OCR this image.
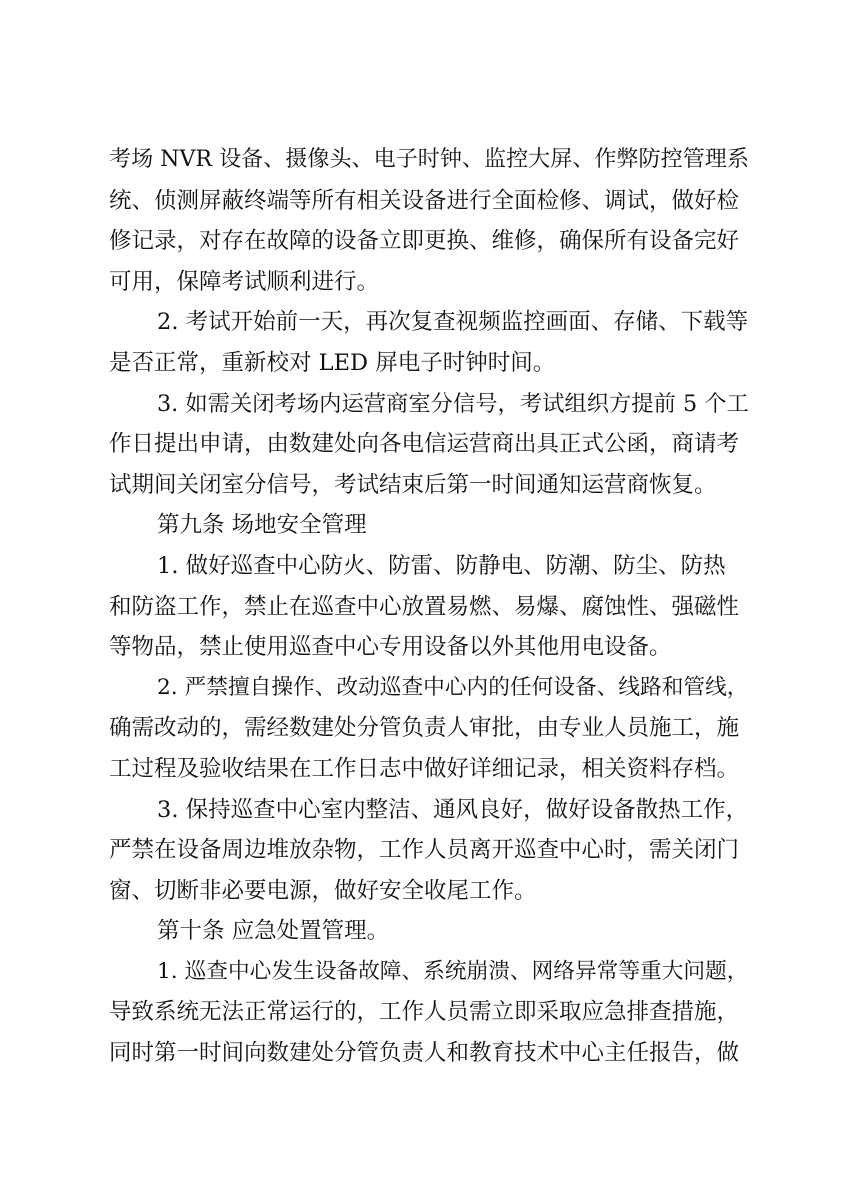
考场 NVR 设备、摄像头、电子时钟、监控大屏、作弊防控管理系
统、侦测屏蔽终端等所有相关设备进行全面检修、调试，做好检
修记录，对存在故障的设备立即更换、维修，确保所有设备完好
可用，保障考试顺利进行。
2. 考试开始前一天，再次复查视频监控画面、存储、下载等
是否正常，重新校对 LED 屏电子时钟时间。
3. 如需关闭考场内运营商室分信号，考试组织方提前 5 个工
作日提出申请，由数建处向各电信运营商出具正式公函，商请考
试期间关闭室分信号，考试结束后第一时间通知运营商恢复。
第九条 场地安全管理
1. 做好巡查中心防火、防雷、防静电、防潮、防尘、防热
和防盗工作，禁止在巡查中心放置易燃、易爆、腐蚀性、强磁性
等物品，禁止使用巡查中心专用设备以外其他用电设备。
2. 严禁擅自操作、改动巡查中心内的任何设备、线路和管线，
确需改动的，需经数建处分管负责人审批，由专业人员施工，施
工过程及验收结果在工作日志中做好详细记录，相关资料存档。
3. 保持巡查中心室内整洁、通风良好，做好设备散热工作，
严禁在设备周边堆放杂物，工作人员离开巡查中心时，需关闭门
窗、切断非必要电源，做好安全收尾工作。
第十条 应急处置管理。
1. 巡查中心发生设备故障、系统崩溃、网络异常等重大问题，
导致系统无法正常运行的，工作人员需立即采取应急排查措施，
同时第一时间向数建处分管负责人和教育技术中心主任报告，做
